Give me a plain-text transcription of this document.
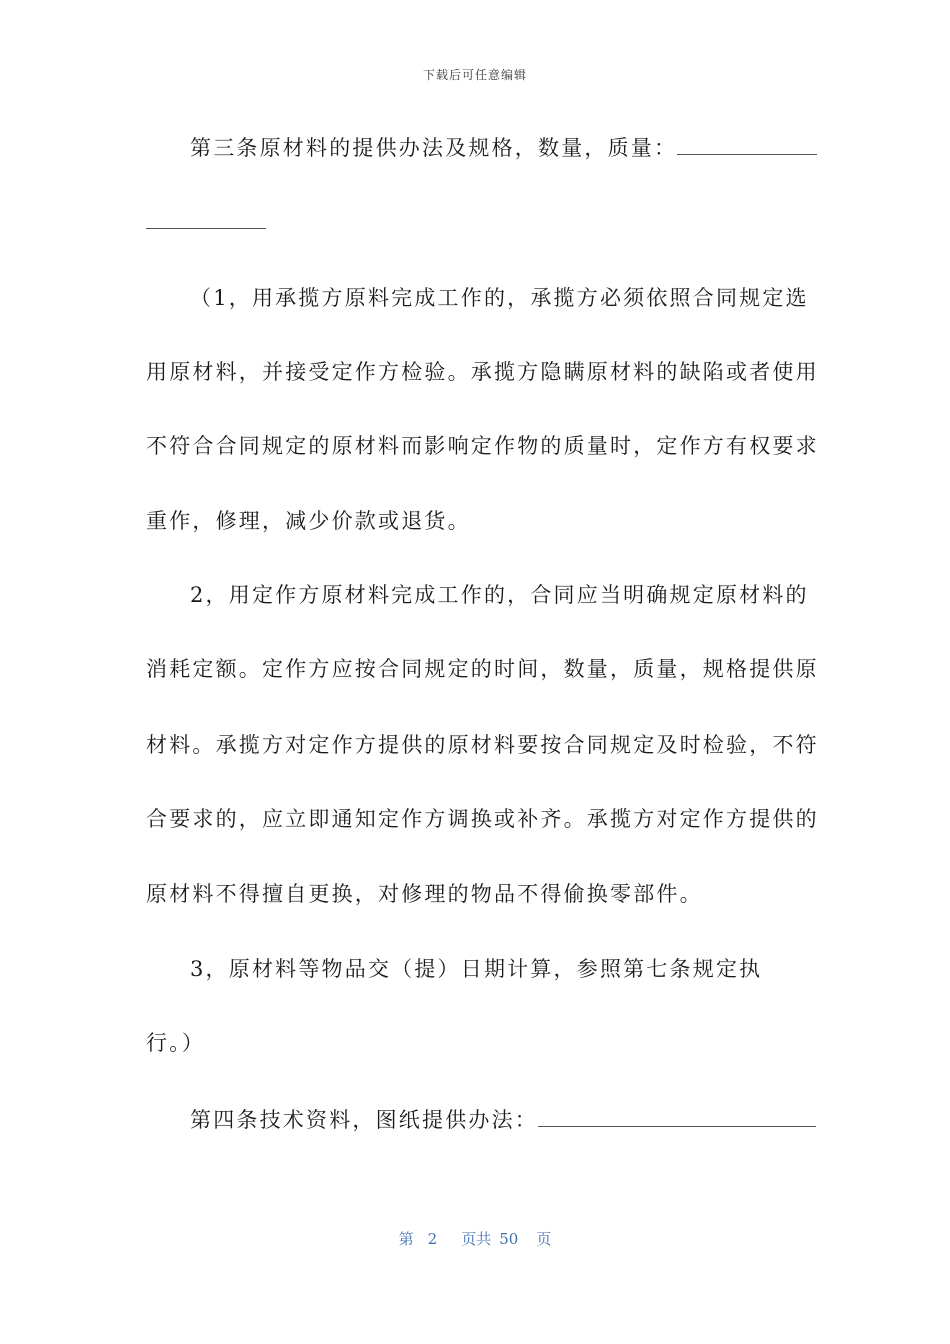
下载后可任意编辑
第三条原材料的提供办法及规格，数量，质量：
（1，用承揽方原料完成工作的，承揽方必须依照合同规定选
用原材料，并接受定作方检验。承揽方隐瞒原材料的缺陷或者使用
不符合合同规定的原材料而影响定作物的质量时，定作方有权要求
重作，修理，减少价款或退货。
2，用定作方原材料完成工作的，合同应当明确规定原材料的
消耗定额。定作方应按合同规定的时间，数量，质量，规格提供原
材料。承揽方对定作方提供的原材料要按合同规定及时检验，不符
合要求的，应立即通知定作方调换或补齐。承揽方对定作方提供的
原材料不得擅自更换，对修理的物品不得偷换零部件。
3，原材料等物品交（提）日期计算，参照第七条规定执
行。）
第四条技术资料，图纸提供办法：
第 2 页共 50 页
